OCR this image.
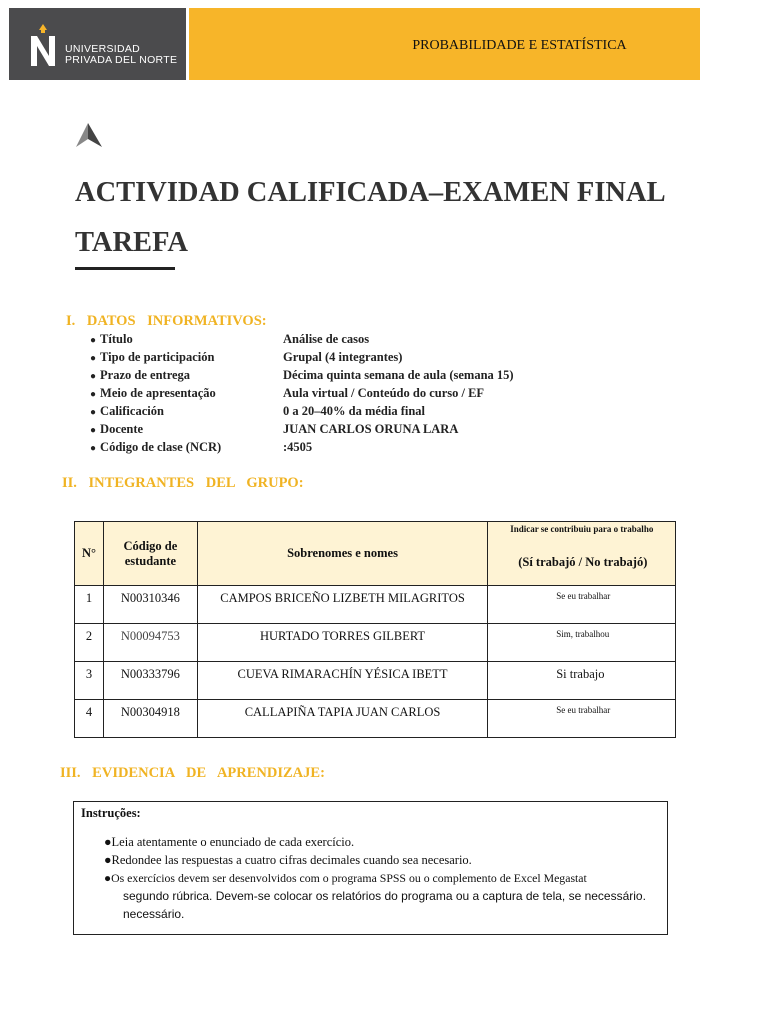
UNIVERSIDAD
PRIVADA DEL NORTE
PROBABILIDADE E ESTATÍSTICA
ACTIVIDAD CALIFICADA–EXAMEN FINAL
TAREFA
I. DATOS INFORMATIVOS:
● Título	Análise de casos
● Tipo de participación	Grupal (4 integrantes)
● Prazo de entrega	Décima quinta semana de aula (semana 15)
● Meio de apresentação	Aula virtual / Conteúdo do curso / EF
● Calificación	0 a 20–40% da média final
● Docente	JUAN CARLOS ORUNA LARA
● Código de clase (NCR)	:4505
II. INTEGRANTES DEL GRUPO:
N°	Código de estudante	Sobrenomes e nomes	Indicar se contribuiu para o trabalho
(Sí trabajó / No trabajó)

1	N00310346	CAMPOS BRICEÑO LIZBETH MILAGRITOS	Se eu trabalhar
2	N00094753	HURTADO TORRES GILBERT	Sim, trabalhou
3	N00333796	CUEVA RIMARACHÍN YÉSICA IBETT	Si trabajo
4	N00304918	CALLAPIÑA TAPIA JUAN CARLOS	Se eu trabalhar
III. EVIDENCIA DE APRENDIZAJE:
Instruções:
●Leia atentamente o enunciado de cada exercício.
●Redondee las respuestas a cuatro cifras decimales cuando sea necesario.
●Os exercícios devem ser desenvolvidos com o programa SPSS ou o complemento de Excel Megastat
segundo rúbrica. Devem-se colocar os relatórios do programa ou a captura de tela, se necessário.
necessário.
